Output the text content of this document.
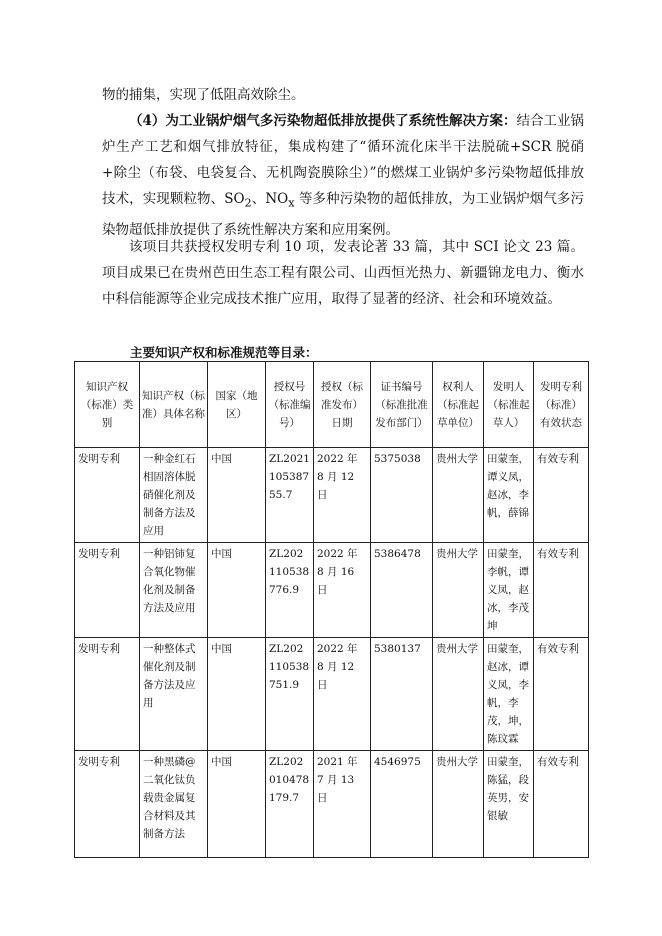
物的捕集，实现了低阻高效除尘。

（4）为工业锅炉烟气多污染物超低排放提供了系统性解决方案：结合工业锅炉生产工艺和烟气排放特征，集成构建了“循环流化床半干法脱硫+SCR 脱硝+除尘（布袋、电袋复合、无机陶瓷膜除尘）”的燃煤工业锅炉多污染物超低排放技术，实现颗粒物、$SO_2$、$NO_x$ 等多种污染物的超低排放，为工业锅炉烟气多污染物超低排放提供了系统性解决方案和应用案例。

该项目共获授权发明专利 10 项，发表论著 33 篇，其中 SCI 论文 23 篇。项目成果已在贵州芭田生态工程有限公司、山西恒光热力、新疆锦龙电力、衡水中科信能源等企业完成技术推广应用，取得了显著的经济、社会和环境效益。

主要知识产权和标准规范等目录：

知识产权（标准）类别	知识产权（标准）具体名称	国家（地区）	授权号（标准编号）	授权（标准发布）日期	证书编号（标准批准发布部门）	权利人（标准起草单位）	发明人（标准起草人）	发明专利（标准）有效状态
发明专利	一种金红石相固溶体脱硝催化剂及制备方法及应用	中国	ZL2021 10538755.7	2022 年 8 月 12 日	5375038	贵州大学	田蒙奎，谭义凤，赵冰，李帆，薛锦	有效专利
发明专利	一种铝铈复合氧化物催化剂及制备方法及应用	中国	ZL202 110538 776.9	2022 年 8 月 16 日	5386478	贵州大学	田蒙奎，李帆，谭义凤，赵冰，李茂坤	有效专利
发明专利	一种整体式催化剂及制备方法及应用	中国	ZL202 110538 751.9	2022 年 8 月 12 日	5380137	贵州大学	田蒙奎，赵冰，谭义凤，李帆，李茂，坤，陈玟霖	有效专利
发明专利	一种黑磷@二氧化钛负载贵金属复合材料及其制备方法	中国	ZL202 010478 179.7	2021 年 7 月 13 日	4546975	贵州大学	田蒙奎，陈猛，段英男，安银敏	有效专利
